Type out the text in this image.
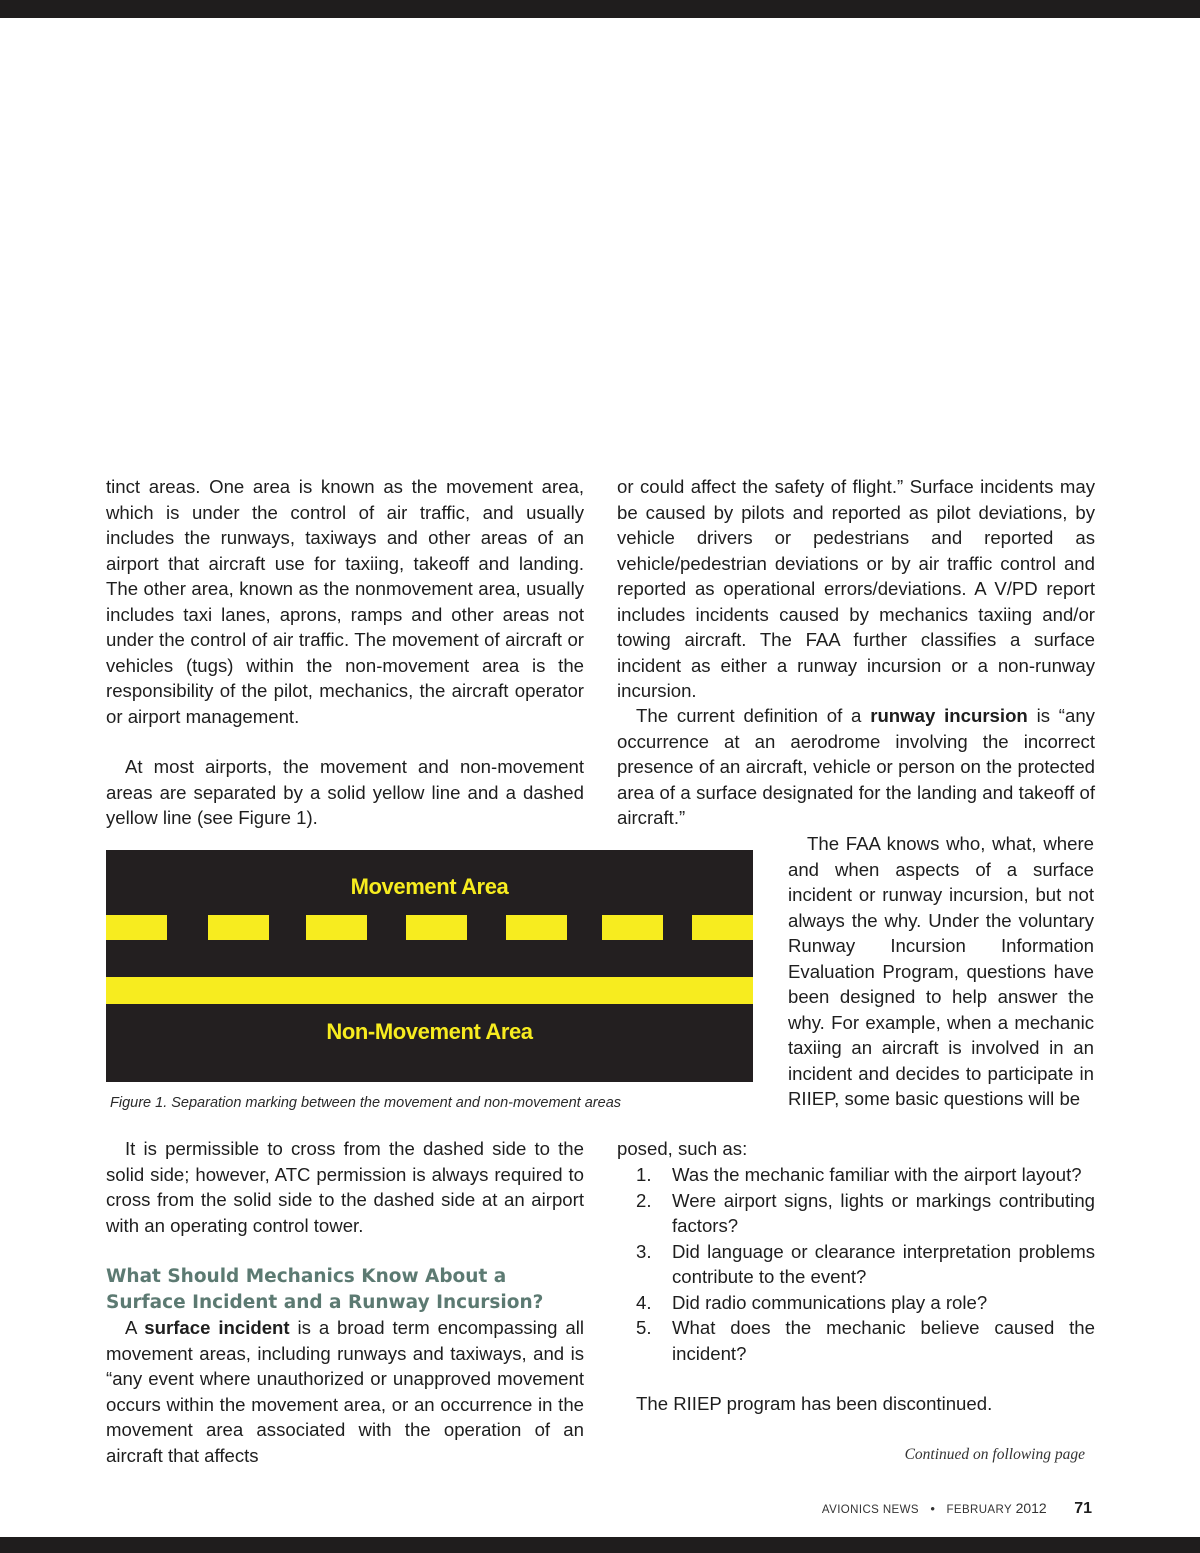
tinct areas. One area is known as the movement area, which is under the control of air traffic, and usually includes the runways, taxiways and other areas of an airport that aircraft use for taxiing, takeoff and landing. The other area, known as the nonmovement area, usually includes taxi lanes, aprons, ramps and other areas not under the control of air traffic. The movement of aircraft or vehicles (tugs) within the non-movement area is the responsibility of the pilot, mechanics, the aircraft operator or airport management.

At most airports, the movement and non-movement areas are separated by a solid yellow line and a dashed yellow line (see Figure 1).

Movement Area
Non-Movement Area

Figure 1. Separation marking between the movement and non-movement areas

It is permissible to cross from the dashed side to the solid side; however, ATC permission is always required to cross from the solid side to the dashed side at an airport with an operating control tower.

What Should Mechanics Know About a Surface Incident and a Runway Incursion?

A surface incident is a broad term encompassing all movement areas, including runways and taxiways, and is “any event where unauthorized or unapproved movement occurs within the movement area, or an occurrence in the movement area associated with the operation of an aircraft that affects

or could affect the safety of flight.” Surface incidents may be caused by pilots and reported as pilot deviations, by vehicle drivers or pedestrians and reported as vehicle/pedestrian deviations or by air traffic control and reported as operational errors/deviations. A V/PD report includes incidents caused by mechanics taxiing and/or towing aircraft. The FAA further classifies a surface incident as either a runway incursion or a non-runway incursion.

The current definition of a runway incursion is “any occurrence at an aerodrome involving the incorrect presence of an aircraft, vehicle or person on the protected area of a surface designated for the landing and takeoff of aircraft.”

The FAA knows who, what, where and when aspects of a surface incident or runway incursion, but not always the why. Under the voluntary Runway Incursion Information Evaluation Program, questions have been designed to help answer the why. For example, when a mechanic taxiing an aircraft is involved in an incident and decides to participate in RIIEP, some basic questions will be

posed, such as:

1. Was the mechanic familiar with the airport layout?
2. Were airport signs, lights or markings contributing factors?
3. Did language or clearance interpretation problems contribute to the event?
4. Did radio communications play a role?
5. What does the mechanic believe caused the incident?

The RIIEP program has been discontinued.

Continued on following page

AVIONICS NEWS • FEBRUARY 2012 71
